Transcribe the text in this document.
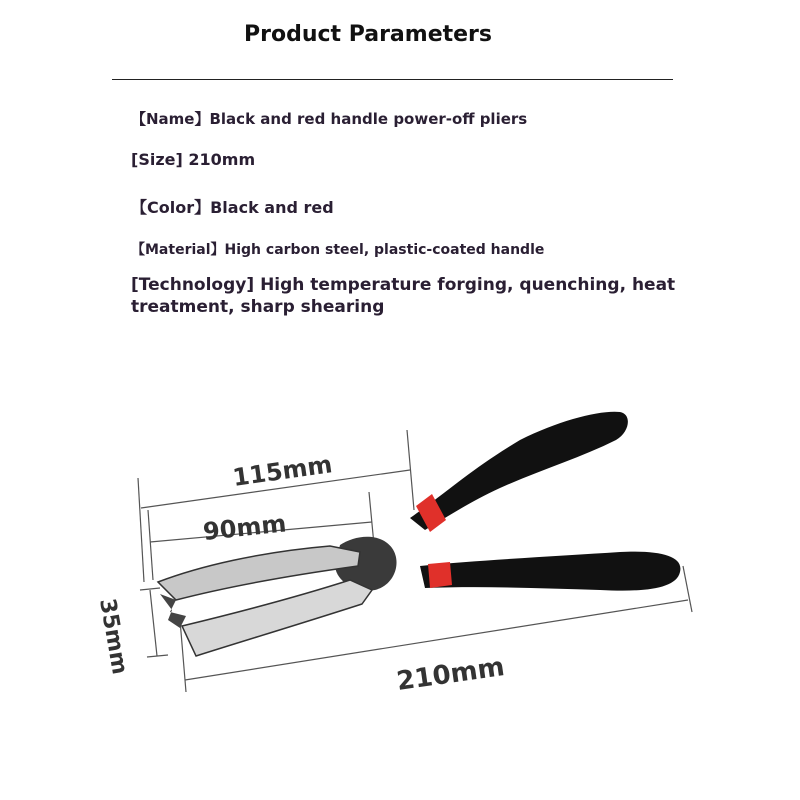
Product Parameters
【Name】Black and red handle power-off pliers
[Size] 210mm
【Color】Black and red
【Material】High carbon steel, plastic-coated handle
[Technology] High temperature forging, quenching, heat treatment, sharp shearing
115mm
90mm
35mm	210mm
